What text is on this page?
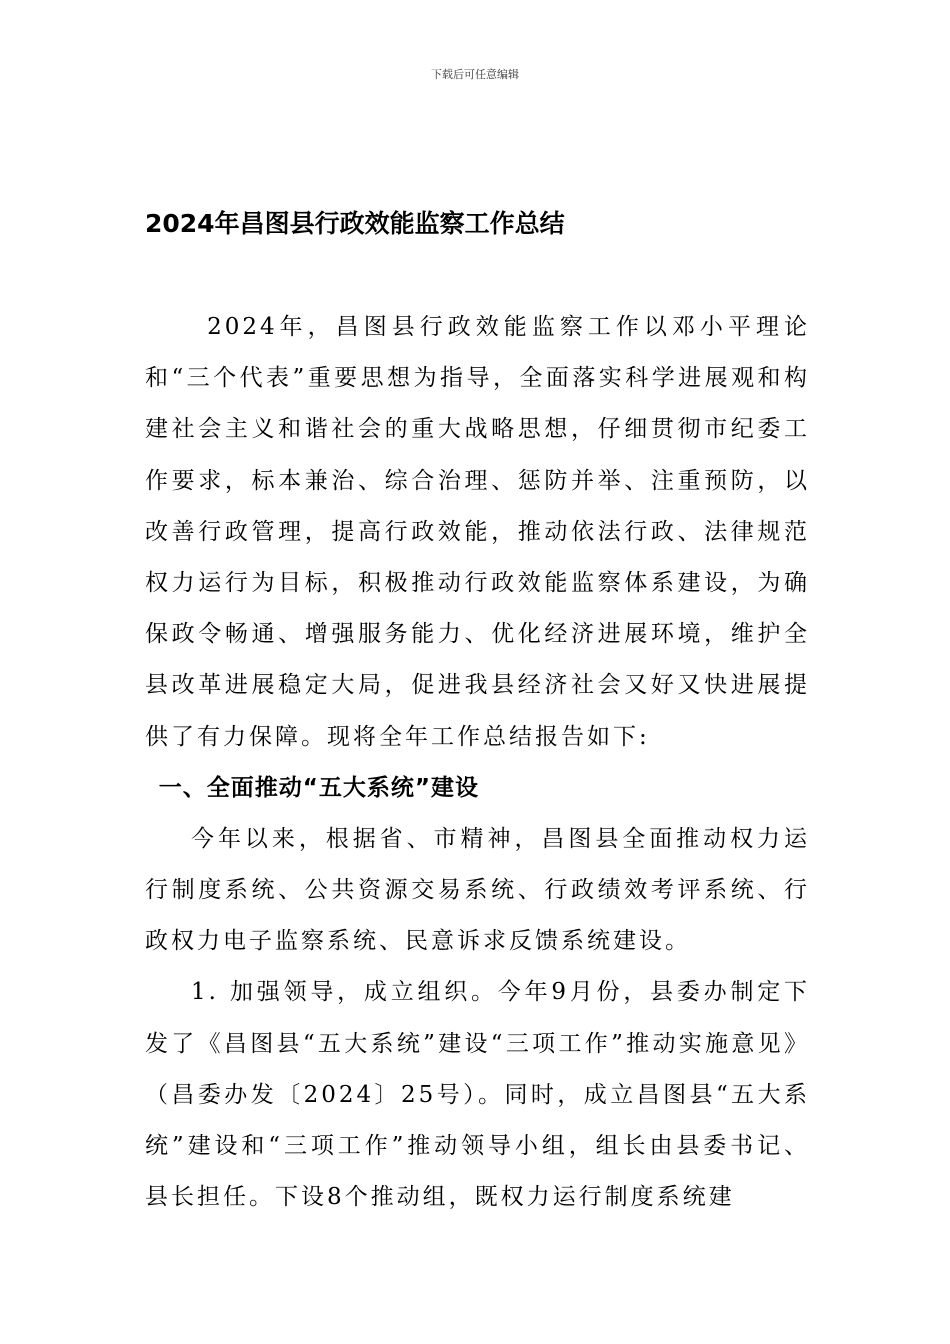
下载后可任意编辑
2024年昌图县行政效能监察工作总结

2024年，昌图县行政效能监察工作以邓小平理论和“三个代表”重要思想为指导，全面落实科学进展观和构建社会主义和谐社会的重大战略思想，仔细贯彻市纪委工作要求，标本兼治、综合治理、惩防并举、注重预防，以改善行政管理，提高行政效能，推动依法行政、法律规范权力运行为目标，积极推动行政效能监察体系建设，为确保政令畅通、增强服务能力、优化经济进展环境，维护全县改革进展稳定大局，促进我县经济社会又好又快进展提供了有力保障。现将全年工作总结报告如下:

一、全面推动“五大系统”建设

今年以来，根据省、市精神，昌图县全面推动权力运行制度系统、公共资源交易系统、行政绩效考评系统、行政权力电子监察系统、民意诉求反馈系统建设。

1. 加强领导，成立组织。今年9月份，县委办制定下发了《昌图县“五大系统”建设“三项工作”推动实施意见》（昌委办发〔2024〕25号）。同时，成立昌图县“五大系统”建设和“三项工作”推动领导小组，组长由县委书记、县长担任。下设8个推动组，既权力运行制度系统建
